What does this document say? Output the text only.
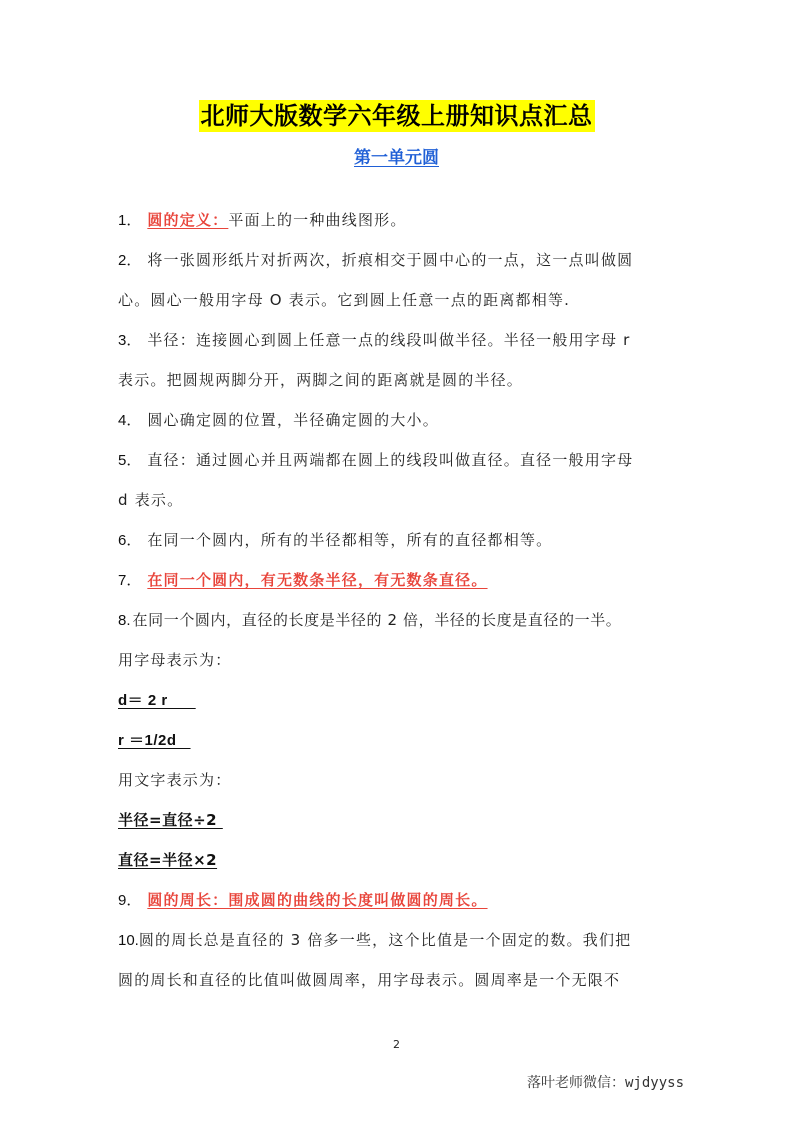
北师大版数学六年级上册知识点汇总
第一单元圆
1． 圆的定义：平面上的一种曲线图形。
2． 将一张圆形纸片对折两次，折痕相交于圆中心的一点，这一点叫做圆
心。圆心一般用字母 O 表示。它到圆上任意一点的距离都相等.
3． 半径：连接圆心到圆上任意一点的线段叫做半径。半径一般用字母 r
表示。把圆规两脚分开，两脚之间的距离就是圆的半径。
4． 圆心确定圆的位置，半径确定圆的大小。
5． 直径：通过圆心并且两端都在圆上的线段叫做直径。直径一般用字母
d 表示。
6． 在同一个圆内，所有的半径都相等，所有的直径都相等。
7． 在同一个圆内，有无数条半径，有无数条直径。
8. 在同一个圆内，直径的长度是半径的 2 倍，半径的长度是直径的一半。
用字母表示为：
d＝ 2 r
r ＝1/2d
用文字表示为：
半径=直径÷2
直径=半径×2
9． 圆的周长：围成圆的曲线的长度叫做圆的周长。
10.圆的周长总是直径的 3 倍多一些，这个比值是一个固定的数。我们把
圆的周长和直径的比值叫做圆周率，用字母表示。圆周率是一个无限不
2
落叶老师微信：wjdyyss
